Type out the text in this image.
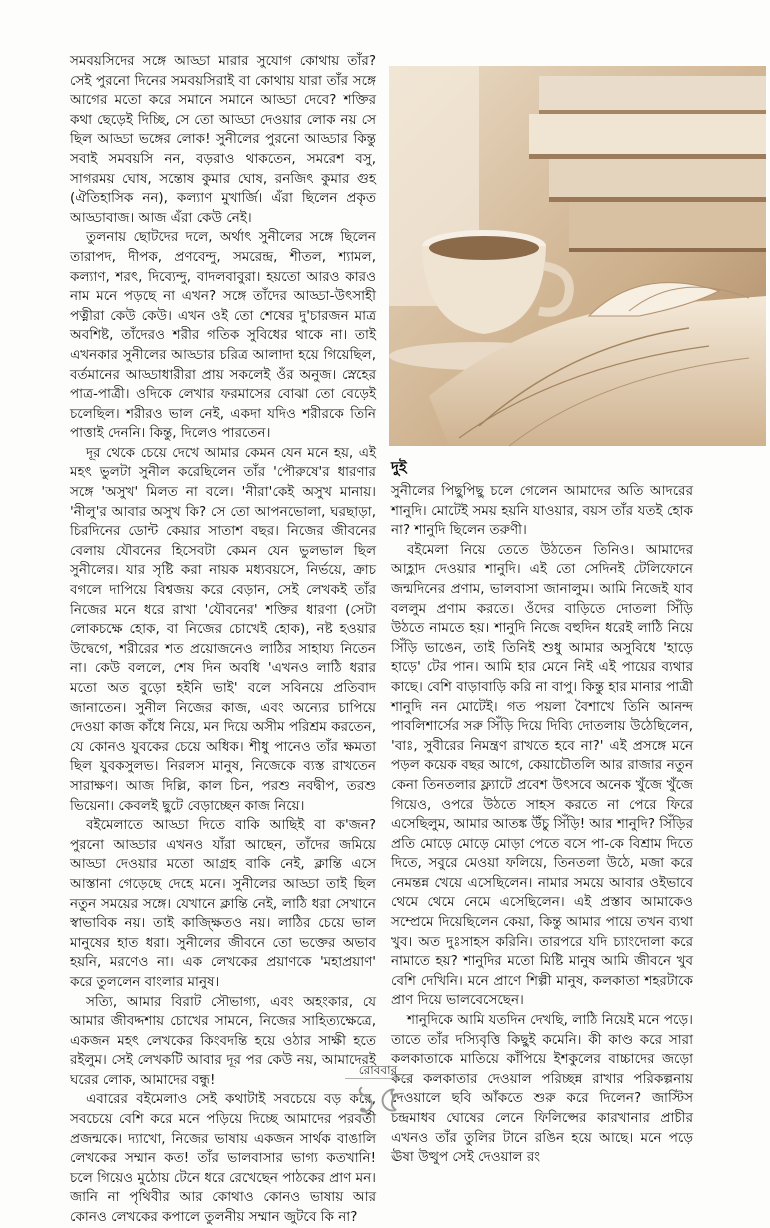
সমবয়সিদের সঙ্গে আড্ডা মারার সুযোগ কোথায় তাঁর? সেই পুরনো দিনের সমবয়সিরাই বা কোথায় যারা তাঁর সঙ্গে আগের মতো করে সমানে সমানে আড্ডা দেবে? শক্তির কথা ছেড়েই দিচ্ছি, সে তো আড্ডা দেওয়ার লোক নয় সে ছিল আড্ডা ভঙ্গের লোক! সুনীলের পুরনো আড্ডার কিন্তু সবাই সমবয়সি নন, বড়রাও থাকতেন, সমরেশ বসু, সাগরময় ঘোষ, সন্তোষ কুমার ঘোষ, রনজিৎ কুমার গুহ (ঐতিহাসিক নন), কল্যাণ মুখার্জি। এঁরা ছিলেন প্রকৃত আড্ডাবাজ। আজ এঁরা কেউ নেই।

তুলনায় ছোটদের দলে, অর্থাৎ সুনীলের সঙ্গে ছিলেন তারাপদ, দীপক, প্রণবেন্দু, সমরেন্দ্র, শীতল, শ্যামল, কল্যাণ, শরৎ, দিব্যেন্দু, বাদলবাবুরা। হয়তো আরও কারও নাম মনে পড়ছে না এখন? সঙ্গে তাঁদের আড্ডা-উৎসাহী পত্নীরা কেউ কেউ। এখন ওই তো শেষের দু'চারজন মাত্র অবশিষ্ট, তাঁদেরও শরীর গতিক সুবিধের থাকে না। তাই এখনকার সুনীলের আড্ডার চরিত্র আলাদা হয়ে গিয়েছিল, বর্তমানের আড্ডাধারীরা প্রায় সকলেই ওঁর অনুজ। স্নেহের পাত্র-পাত্রী। ওদিকে লেখার ফরমাসের বোঝা তো বেড়েই চলেছিল। শরীরও ভাল নেই, একদা যদিও শরীরকে তিনি পাত্তাই দেননি। কিন্তু, দিলেও পারতেন।

দূর থেকে চেয়ে দেখে আমার কেমন যেন মনে হয়, এই মহৎ ভুলটা সুনীল করেছিলেন তাঁর 'পৌরুষে'র ধারণার সঙ্গে 'অসুখ' মিলত না বলে। 'নীরা'কেই অসুখ মানায়। 'নীলু'র আবার অসুখ কি? সে তো আপনভোলা, ঘরছাড়া, চিরদিনের ডোন্ট কেয়ার সাতাশ বছর। নিজের জীবনের বেলায় যৌবনের হিসেবটা কেমন যেন ভুলভাল ছিল সুনীলের। যার সৃষ্টি করা নায়ক মধ্যবয়সে, নির্ভয়ে, ক্রাচ বগলে দাপিয়ে বিশ্বজয় করে বেড়ান, সেই লেখকই তাঁর নিজের মনে ধরে রাখা 'যৌবনের' শক্তির ধারণা (সেটা লোকচক্ষে হোক, বা নিজের চোখেই হোক), নষ্ট হওয়ার উদ্বেগে, শরীরের শত প্রয়োজনেও লাঠির সাহায্য নিতেন না। কেউ বললে, শেষ দিন অবধি 'এখনও লাঠি ধরার মতো অত বুড়ো হইনি ভাই' বলে সবিনয়ে প্রতিবাদ জানাতেন। সুনীল নিজের কাজ, এবং অন্যের চাপিয়ে দেওয়া কাজ কাঁধে নিয়ে, মন দিয়ে অসীম পরিশ্রম করতেন, যে কোনও যুবকের চেয়ে অধিক। শীধু পানেও তাঁর ক্ষমতা ছিল যুবকসুলভ। নিরলস মানুষ, নিজেকে ব্যস্ত রাখতেন সারাক্ষণ। আজ দিল্লি, কাল চিন, পরশু নবদ্বীপ, তরশু ভিয়েনা। কেবলই ছুটে বেড়াচ্ছেন কাজ নিয়ে।

বইমেলাতে আড্ডা দিতে বাকি আছিই বা ক'জন? পুরনো আড্ডার এখনও যাঁরা আছেন, তাঁদের জমিয়ে আড্ডা দেওয়ার মতো আগ্রহ বাকি নেই, ক্লান্তি এসে আস্তানা গেড়েছে দেহে মনে। সুনীলের আড্ডা তাই ছিল নতুন সময়ের সঙ্গে। যেখানে ক্লান্তি নেই, লাঠি ধরা সেখানে স্বাভাবিক নয়। তাই কাজ্ক্ষিতও নয়। লাঠির চেয়ে ভাল মানুষের হাত ধরা। সুনীলের জীবনে তো ভক্তের অভাব হয়নি, মরণেও না। এক লেখকের প্রয়াণকে 'মহাপ্রয়াণ' করে তুললেন বাংলার মানুষ।

সত্যি, আমার বিরাট সৌভাগ্য, এবং অহংকার, যে আমার জীবদ্দশায় চোখের সামনে, নিজের সাহিত্যক্ষেত্রে, একজন মহৎ লেখকের কিংবদন্তি হয়ে ওঠার সাক্ষী হতে রইলুম। সেই লেখকটি আবার দূর পর কেউ নয়, আমাদেরই ঘরের লোক, আমাদের বন্ধু!

এবারের বইমেলাও সেই কথাটাই সবচেয়ে বড় করে, সবচেয়ে বেশি করে মনে পড়িয়ে দিচ্ছে আমাদের পরবর্তী প্রজন্মকে। দ্যাখো, নিজের ভাষায় একজন সার্থক বাঙালি লেখকের সম্মান কত! তাঁর ভালবাসার ভাগ্য কতখানি! চলে গিয়েও মুঠোয় টেনে ধরে রেখেছেন পাঠকের প্রাণ মন। জানি না পৃথিবীর আর কোথাও কোনও ভাষায় আর কোনও লেখকের কপালে তুলনীয় সম্মান জুটবে কি না?

দুই

সুনীলের পিছুপিছু চলে গেলেন আমাদের অতি আদরের শানুদি। মোটেই সময় হয়নি যাওয়ার, বয়স তাঁর যতই হোক না? শানুদি ছিলেন তরুণী।

বইমেলা নিয়ে তেতে উঠতেন তিনিও। আমাদের আহ্লাদ দেওয়ার শানুদি। এই তো সেদিনই টেলিফোনে জন্মদিনের প্রণাম, ভালবাসা জানালুম। আমি নিজেই যাব বললুম প্রণাম করতে। ওঁদের বাড়িতে দোতলা সিঁড়ি উঠতে নামতে হয়। শানুদি নিজে বহুদিন ধরেই লাঠি নিয়ে সিঁড়ি ভাঙেন, তাই তিনিই শুধু আমার অসুবিধে 'হাড়ে হাড়ে' টের পান। আমি হার মেনে নিই এই পায়ের ব্যথার কাছে। বেশি বাড়াবাড়ি করি না বাপু। কিন্তু হার মানার পাত্রী শানুদি নন মোটেই। গত পয়লা বৈশাখে তিনি আনন্দ পাবলিশার্সের সরু সিঁড়ি দিয়ে দিব্যি দোতলায় উঠেছিলেন, 'বাঃ, সুবীরের নিমন্ত্রণ রাখতে হবে না?' এই প্রসঙ্গে মনে পড়ল কয়েক বছর আগে, কেয়াচৌতলি আর রাজার নতুন কেনা তিনতলার ফ্ল্যাটে প্রবেশ উৎসবে অনেক খুঁজে খুঁজে গিয়েও, ওপরে উঠতে সাহস করতে না পেরে ফিরে এসেছিলুম, আমার আতঙ্ক উঁচু সিঁড়ি! আর শানুদি? সিঁড়ির প্রতি মোড়ে মোড়ে মোড়া পেতে বসে পা-কে বিশ্রাম দিতে দিতে, সবুরে মেওয়া ফলিয়ে, তিনতলা উঠে, মজা করে নেমন্তন্ন খেয়ে এসেছিলেন। নামার সময়ে আবার ওইভাবে থেমে থেমে নেমে এসেছিলেন। এই প্রস্তাব আমাকেও সম্প্রেমে দিয়েছিলেন কেয়া, কিন্তু আমার পায়ে তখন ব্যথা খুব। অত দুঃসাহস করিনি। তারপরে যদি চ্যাংদোলা করে নামাতে হয়? শানুদির মতো মিষ্টি মানুষ আমি জীবনে খুব বেশি দেখিনি। মনে প্রাণে শিল্পী মানুষ, কলকাতা শহরটাকে প্রাণ দিয়ে ভালবেসেছেন।

শানুদিকে আমি যতদিন দেখছি, লাঠি নিয়েই মনে পড়ে। তাতে তাঁর দস্যিবৃত্তি কিছুই কমেনি। কী কাণ্ড করে সারা কলকাতাকে মাতিয়ে কাঁপিয়ে ইশকুলের বাচ্চাদের জড়ো করে কলকাতার দেওয়াল পরিচ্ছন্ন রাখার পরিকল্পনায় দেওয়ালে ছবি আঁকতে শুরু করে দিলেন? জাস্টিস চন্দ্রমাধব ঘোষের লেনে ফিলিপ্সের কারখানার প্রাচীর এখনও তাঁর তুলির টানে রঙিন হয়ে আছে। মনে পড়ে ঊষা উত্থুপ সেই দেওয়াল রং

রোববার
১৫
